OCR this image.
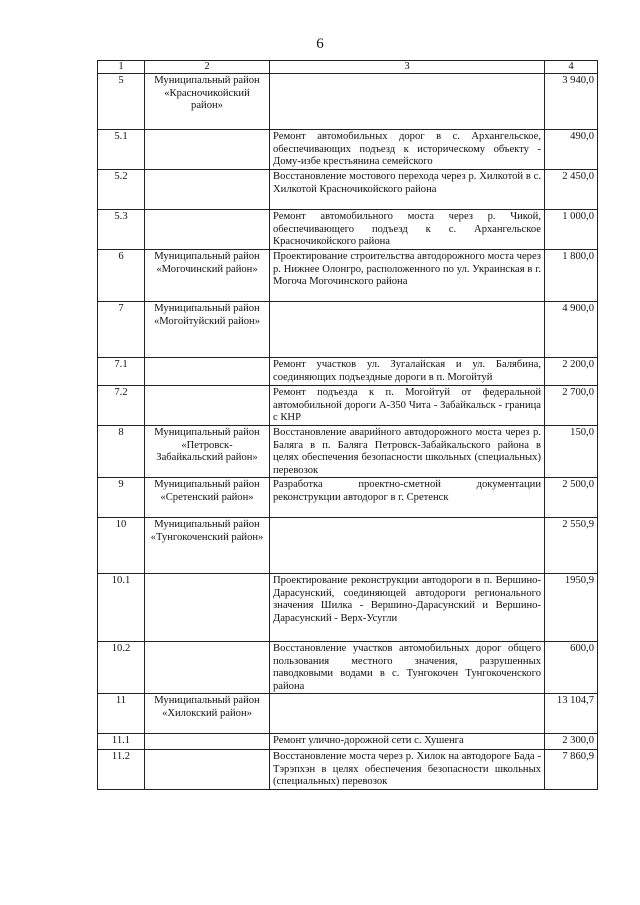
6
1	2	3	4
5	Муниципальный район «Красночикойский район»		3 940,0
5.1		Ремонт автомобильных дорог в с. Архангельское, обеспечивающих подъезд к историческому объекту - Дому-избе крестьянина семейского	490,0
5.2		Восстановление мостового перехода через р. Хилкотой в с. Хилкотой Красночикойского района	2 450,0
5.3		Ремонт автомобильного моста через р. Чикой, обеспечивающего подъезд к с. Архангельское Красночикойского района	1 000,0
6	Муниципальный район «Могочинский район»	Проектирование строительства автодорожного моста через р. Нижнее Олонгро, расположенного по ул. Украинская в г. Могоча Могочинского района	1 800,0
7	Муниципальный район «Могойтуйский район»		4 900,0
7.1		Ремонт участков ул. Зугалайская и ул. Балябина, соединяющих подъездные дороги в п. Могойтуй	2 200,0
7.2		Ремонт подъезда к п. Могойтуй от федеральной автомобильной дороги А-350 Чита - Забайкальск - граница с КНР	2 700,0
8	Муниципальный район «Петровск-Забайкальский район»	Восстановление аварийного автодорожного моста через р. Баляга в п. Баляга Петровск-Забайкальского района в целях обеспечения безопасности школьных (специальных) перевозок	150,0
9	Муниципальный район «Сретенский район»	Разработка проектно-сметной документации реконструкции автодорог в г. Сретенск	2 500,0
10	Муниципальный район «Тунгокоченский район»		2 550,9
10.1		Проектирование реконструкции автодороги в п. Вершино-Дарасунский, соединяющей автодороги регионального значения Шилка - Вершино-Дарасунский и Вершино-Дарасунский - Верх-Усугли	1950,9
10.2		Восстановление участков автомобильных дорог общего пользования местного значения, разрушенных паводковыми водами в с. Тунгокочен Тунгокоченского района	600,0
11	Муниципальный район «Хилокский район»		13 104,7
11.1		Ремонт улично-дорожной сети с. Хушенга	2 300,0
11.2		Восстановление моста через р. Хилок на автодороге Бада - Тэрэпхэн в целях обеспечения безопасности школьных (специальных) перевозок	7 860,9
